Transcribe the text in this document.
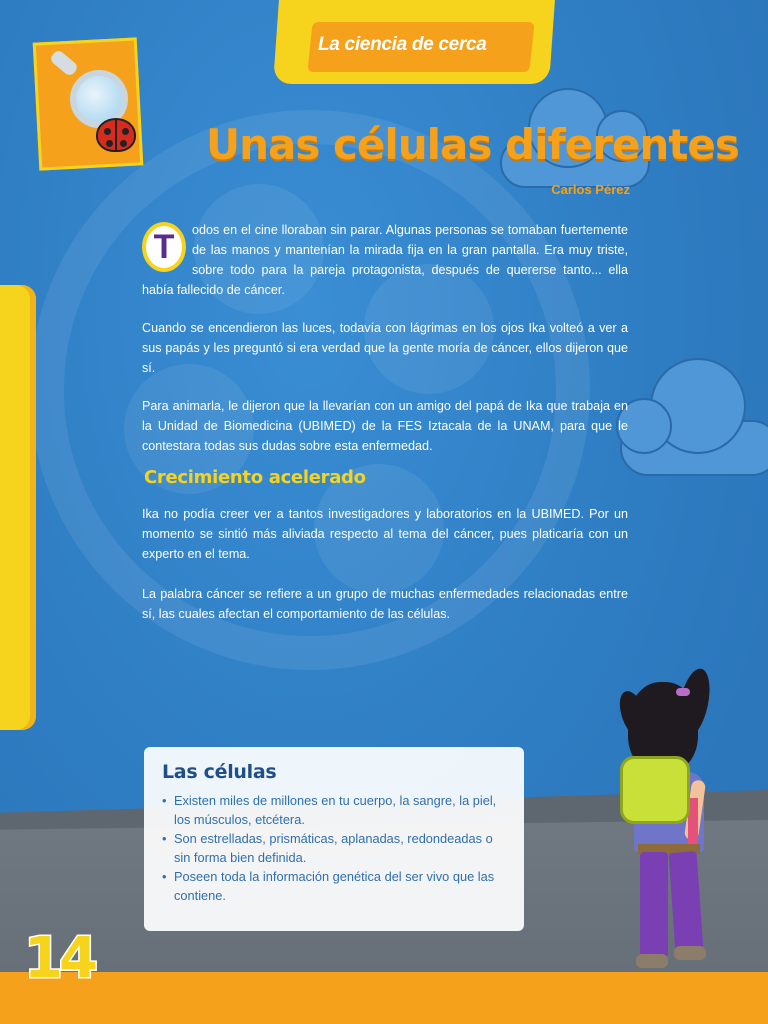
La ciencia de cerca
Unas células diferentes
Carlos Pérez

T	odos en el cine lloraban sin parar. Algunas personas se tomaban fuertemente de las manos y mantenían la mirada fija en la gran pantalla. Era muy triste, sobre todo para la pareja protagonista, después de quererse tanto... ella había fallecido de cáncer.

Cuando se encendieron las luces, todavía con lágrimas en los ojos Ika volteó a ver a sus papás y les preguntó si era verdad que la gente moría de cáncer, ellos dijeron que sí.

Para animarla, le dijeron que la llevarían con un amigo del papá de Ika que trabaja en la Unidad de Biomedicina (UBIMED) de la FES Iztacala de la UNAM, para que le contestara todas sus dudas sobre esta enfermedad.

Crecimiento acelerado

Ika no podía creer ver a tantos investigadores y laboratorios en la UBIMED. Por un momento se sintió más aliviada respecto al tema del cáncer, pues platicaría con un experto en el tema.

La palabra cáncer se refiere a un grupo de muchas enfermedades relacionadas entre sí, las cuales afectan el comportamiento de las células.

Las células
• Existen miles de millones en tu cuerpo, la sangre, la piel, los músculos, etcétera.
• Son estrelladas, prismáticas, aplanadas, redondeadas o sin forma bien definida.
• Poseen toda la información genética del ser vivo que las contiene.
14
